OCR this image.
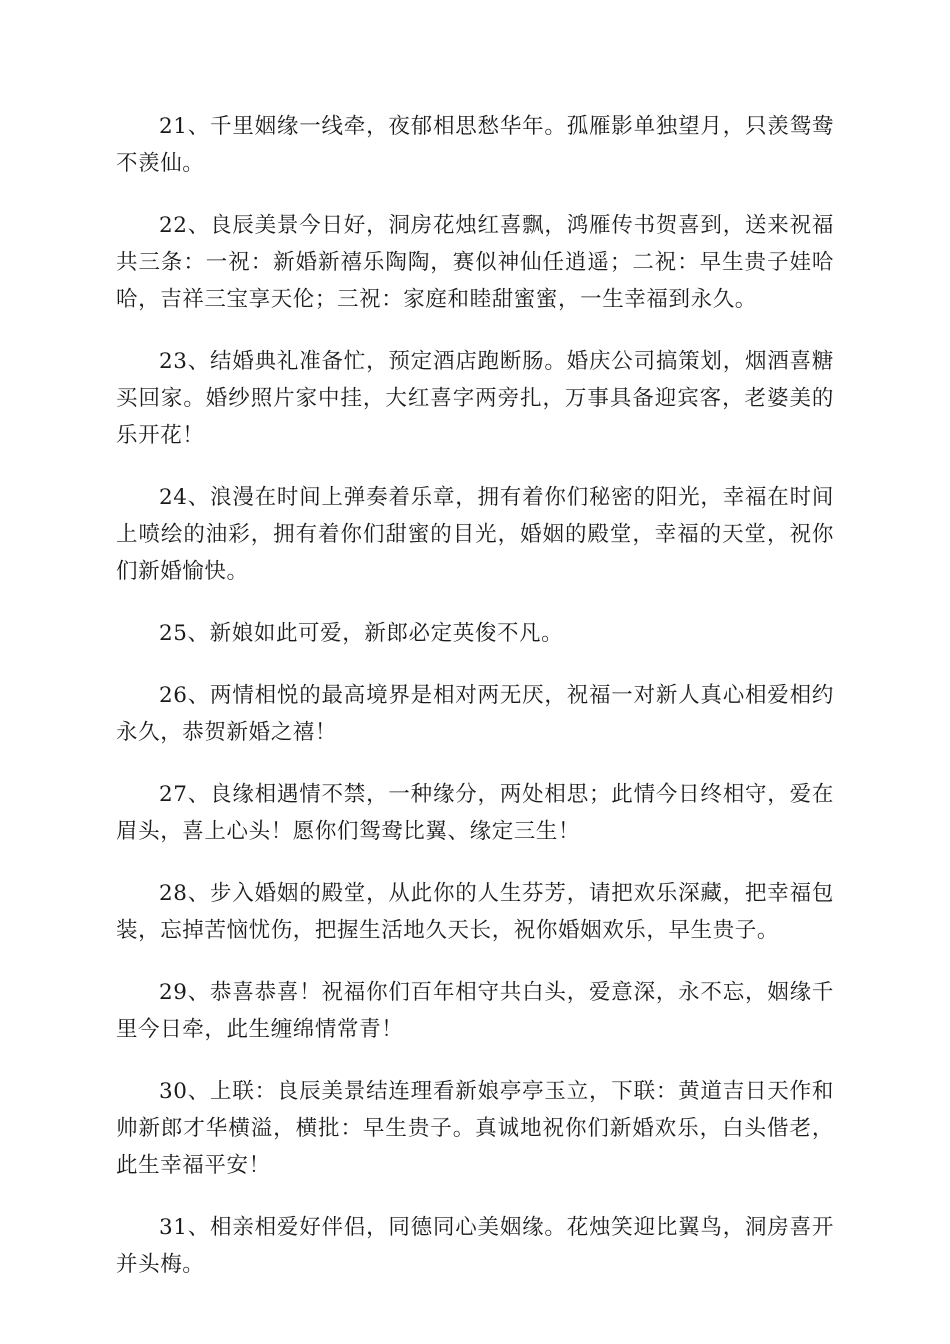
21、千里姻缘一线牵，夜郁相思愁华年。孤雁影单独望月，只羡鸳鸯不羡仙。

22、良辰美景今日好，洞房花烛红喜飘，鸿雁传书贺喜到，送来祝福共三条：一祝：新婚新禧乐陶陶，赛似神仙任逍遥；二祝：早生贵子娃哈哈，吉祥三宝享天伦；三祝：家庭和睦甜蜜蜜，一生幸福到永久。

23、结婚典礼准备忙，预定酒店跑断肠。婚庆公司搞策划，烟酒喜糖买回家。婚纱照片家中挂，大红喜字两旁扎，万事具备迎宾客，老婆美的乐开花！

24、浪漫在时间上弹奏着乐章，拥有着你们秘密的阳光，幸福在时间上喷绘的油彩，拥有着你们甜蜜的目光，婚姻的殿堂，幸福的天堂，祝你们新婚愉快。

25、新娘如此可爱，新郎必定英俊不凡。

26、两情相悦的最高境界是相对两无厌，祝福一对新人真心相爱相约永久，恭贺新婚之禧！

27、良缘相遇情不禁，一种缘分，两处相思；此情今日终相守，爱在眉头，喜上心头！愿你们鸳鸯比翼、缘定三生！

28、步入婚姻的殿堂，从此你的人生芬芳，请把欢乐深藏，把幸福包装，忘掉苦恼忧伤，把握生活地久天长，祝你婚姻欢乐，早生贵子。

29、恭喜恭喜！祝福你们百年相守共白头，爱意深，永不忘，姻缘千里今日牵，此生缠绵情常青！

30、上联：良辰美景结连理看新娘亭亭玉立，下联：黄道吉日天作和帅新郎才华横溢，横批：早生贵子。真诚地祝你们新婚欢乐，白头偕老，此生幸福平安！

31、相亲相爱好伴侣，同德同心美姻缘。花烛笑迎比翼鸟，洞房喜开并头梅。
